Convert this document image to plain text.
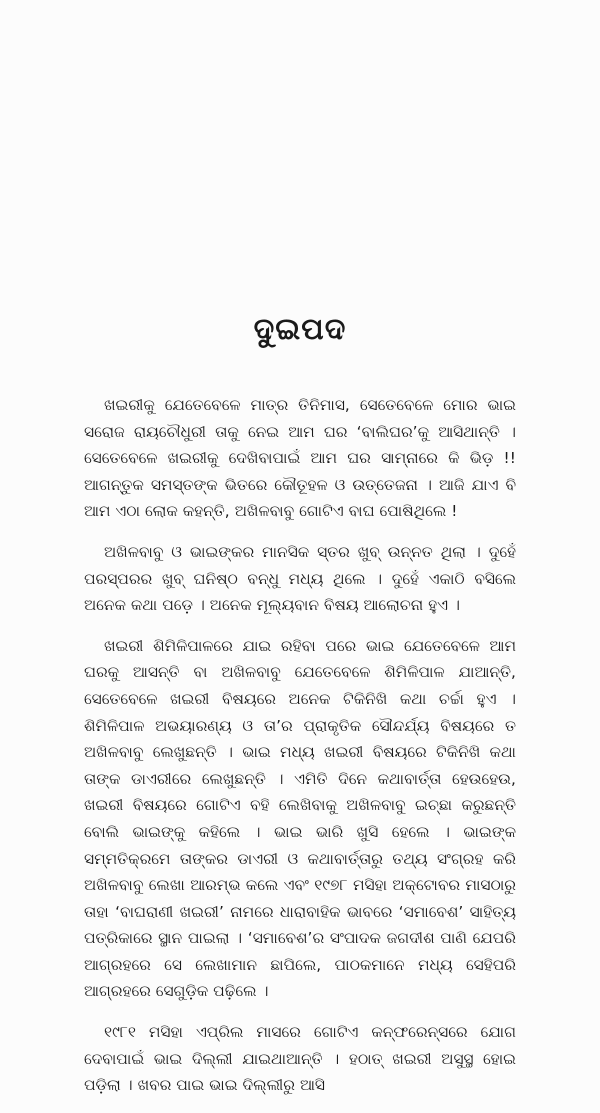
ଦୁଇପଦ

ଖଇରୀକୁ ଯେତେବେଳେ ମାତ୍ର ତିନିମାସ, ସେତେବେଳେ ମୋର ଭାଇ ସରୋଜ ରାୟଚୌଧୁରୀ ତାକୁ ନେଇ ଆମ ଘର ‘ବାଲିଘର’କୁ ଆସିଥାନ୍ତି । ସେତେବେଳେ ଖଇରୀକୁ ଦେଖିବାପାଇଁ ଆମ ଘର ସାମ୍ନାରେ କି ଭିଡ଼ !! ଆଗନ୍ତୁକ ସମସ୍ତଙ୍କ ଭିତରେ କୌତୂହଳ ଓ ଉତ୍ତେଜନା । ଆଜି ଯାଏ ବି ଆମ ଏଠା ଲୋକ କହନ୍ତି, ଅଖିଳବାବୁ ଗୋଟିଏ ବାଘ ପୋଷିଥିଲେ !

ଅଖିଳବାବୁ ଓ ଭାଇଙ୍କର ମାନସିକ ସ୍ତର ଖୁବ୍ ଉନ୍ନତ ଥିଲା । ଦୁହେଁ ପରସ୍ପରର ଖୁବ୍ ଘନିଷ୍ଠ ବନ୍ଧୁ ମଧ୍ୟ ଥିଲେ । ଦୁହେଁ ଏକାଠି ବସିଲେ ଅନେକ କଥା ପଡ଼େ । ଅନେକ ମୂଲ୍ୟବାନ ବିଷୟ ଆଲୋଚନା ହୁଏ ।

ଖଇରୀ ଶିମିଳିପାଳରେ ଯାଇ ରହିବା ପରେ ଭାଇ ଯେତେବେଳେ ଆମ ଘରକୁ ଆସନ୍ତି ବା ଅଖିଳବାବୁ ଯେତେବେଳେ ଶିମିଳିପାଳ ଯାଆନ୍ତି, ସେତେବେଳେ ଖଇରୀ ବିଷୟରେ ଅନେକ ଟିକିନିଖି କଥା ଚର୍ଚ୍ଚା ହୁଏ । ଶିମିଳିପାଳ ଅଭୟାରଣ୍ୟ ଓ ତା’ର ପ୍ରାକୃତିକ ସୌନ୍ଦର୍ଯ୍ୟ ବିଷୟରେ ତ ଅଖିଳବାବୁ ଲେଖୁଛନ୍ତି । ଭାଇ ମଧ୍ୟ ଖଇରୀ ବିଷୟରେ ଟିକିନିଖି କଥା ତାଙ୍କ ଡାଏରୀରେ ଲେଖୁଛନ୍ତି । ଏମିତି ଦିନେ କଥାବାର୍ତ୍ତା ହେଉହେଉ, ଖଇରୀ ବିଷୟରେ ଗୋଟିଏ ବହି ଲେଖିବାକୁ ଅଖିଳବାବୁ ଇଚ୍ଛା କରୁଛନ୍ତି ବୋଲି ଭାଇଙ୍କୁ କହିଲେ । ଭାଇ ଭାରି ଖୁସି ହେଲେ । ଭାଇଙ୍କ ସମ୍ମତିକ୍ରମେ ତାଙ୍କର ଡାଏରୀ ଓ କଥାବାର୍ତ୍ତାରୁ ତଥ୍ୟ ସଂଗ୍ରହ କରି ଅଖିଳବାବୁ ଲେଖା ଆରମ୍ଭ କଲେ ଏବଂ ୧୯୭୮ ମସିହା ଅକ୍ଟୋବର ମାସଠାରୁ ତାହା ‘ବାଘରାଣୀ ଖଇରୀ’ ନାମରେ ଧାରାବାହିକ ଭାବରେ ‘ସମାବେଶ’ ସାହିତ୍ୟ ପତ୍ରିକାରେ ସ୍ଥାନ ପାଇଲା । ‘ସମାବେଶ’ର ସଂପାଦକ ଜଗଦୀଶ ପାଣି ଯେପରି ଆଗ୍ରହରେ ସେ ଲେଖାମାନ ଛାପିଲେ, ପାଠକମାନେ ମଧ୍ୟ ସେହିପରି ଆଗ୍ରହରେ ସେଗୁଡ଼ିକ ପଢ଼ିଲେ ।

୧୯୮୧ ମସିହା ଏପ୍ରିଲ ମାସରେ ଗୋଟିଏ କନ୍‌ଫରେନ୍ସରେ ଯୋଗ ଦେବାପାଇଁ ଭାଇ ଦିଲ୍ଲୀ ଯାଇଥାଆନ୍ତି । ହଠାତ୍ ଖଇରୀ ଅସୁସ୍ଥ ହୋଇ ପଡ଼ିଲା । ଖବର ପାଇ ଭାଇ ଦିଲ୍ଲୀରୁ ଆସି
